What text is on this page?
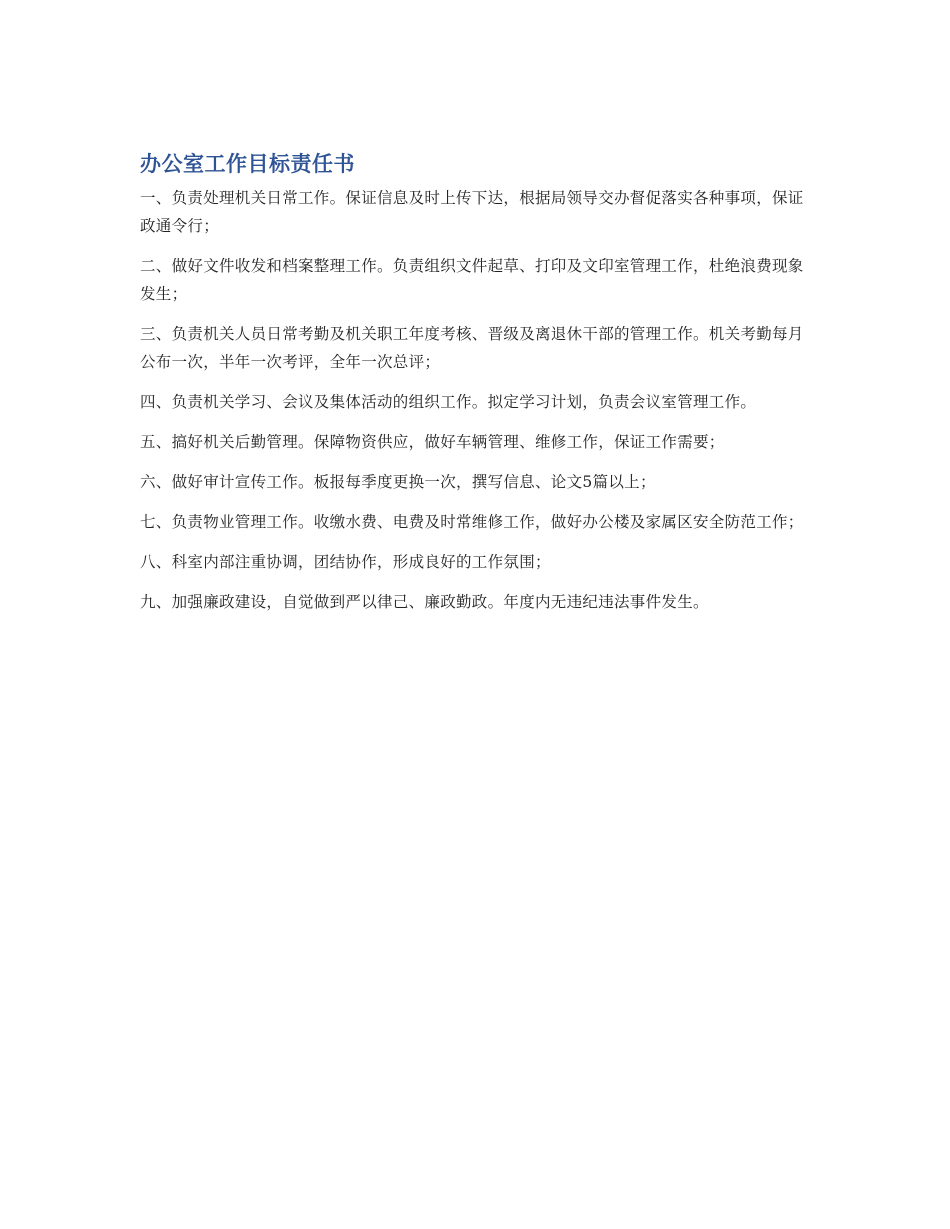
办公室工作目标责任书
一、负责处理机关日常工作。保证信息及时上传下达，根据局领导交办督促落实各种事项，保证政通令行；
二、做好文件收发和档案整理工作。负责组织文件起草、打印及文印室管理工作，杜绝浪费现象发生；
三、负责机关人员日常考勤及机关职工年度考核、晋级及离退休干部的管理工作。机关考勤每月公布一次，半年一次考评，全年一次总评；
四、负责机关学习、会议及集体活动的组织工作。拟定学习计划，负责会议室管理工作。
五、搞好机关后勤管理。保障物资供应，做好车辆管理、维修工作，保证工作需要；
六、做好审计宣传工作。板报每季度更换一次，撰写信息、论文5篇以上；
七、负责物业管理工作。收缴水费、电费及时常维修工作，做好办公楼及家属区安全防范工作；
八、科室内部注重协调，团结协作，形成良好的工作氛围；
九、加强廉政建设，自觉做到严以律己、廉政勤政。年度内无违纪违法事件发生。
